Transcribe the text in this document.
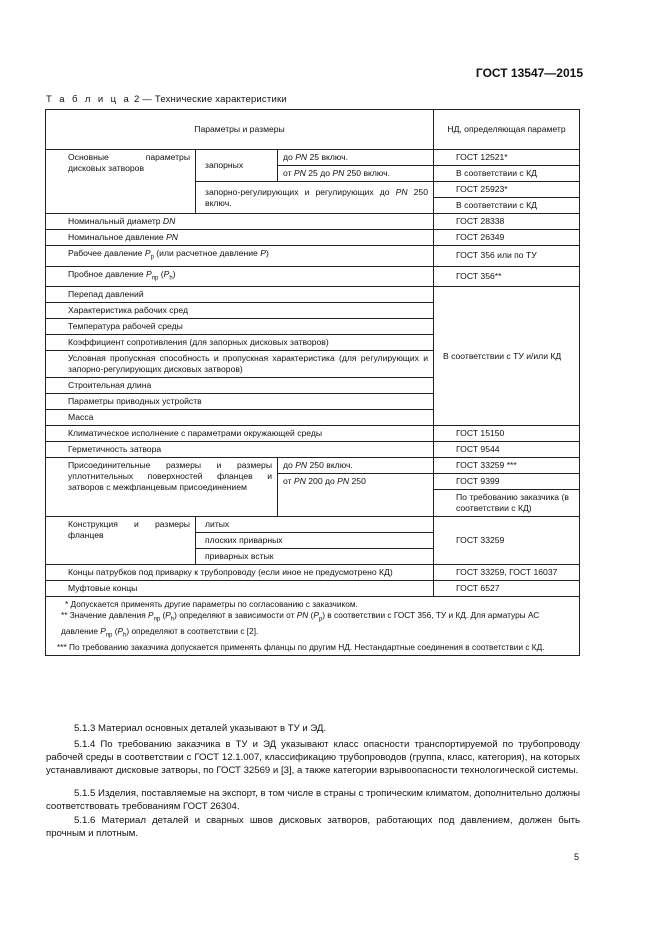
ГОСТ 13547—2015
Т а б л и ц а 2 — Технические характеристики
Параметры и размеры			НД, определяющая параметр
Основные параметры дисковых затворов	запорных	до PN 25 включ.	ГОСТ 12521*
		от PN 25 до PN 250 включ.	В соответствии с КД
	запорно-регулирующих и регулирующих до PN 250 включ.		ГОСТ 25923*
			В соответствии с КД
Номинальный диаметр DN			ГОСТ 28338
Номинальное давление PN			ГОСТ 26349
Рабочее давление $P_р$ (или расчетное давление P)			ГОСТ 356 или по ТУ
Пробное давление $P_{пр}$ $(P_h)$			ГОСТ 356**
Перепад давлений			В соответствии с ТУ и/или КД
Характеристика рабочих сред			
Температура рабочей среды			
Коэффициент сопротивления (для запорных дисковых затворов)			
Условная пропускная способность и пропускная характеристика (для регулирующих и запорно-регулирующих дисковых затворов)			
Строительная длина			
Параметры приводных устройств			
Масса			
Климатическое исполнение с параметрами окружающей среды			ГОСТ 15150
Герметичность затвора			ГОСТ 9544
Присоединительные размеры и размеры уплотнительных поверхностей фланцев и затворов с межфланцевым присоединением		до PN 250 включ.	ГОСТ 33259 ***
		от PN 200 до PN 250	ГОСТ 9399
			По требованию заказчика (в соответствии с КД)
Конструкция и размеры фланцев	литых		ГОСТ 33259
	плоских приварных		
	приварных встык		
Концы патрубков под приварку к трубопроводу (если иное не предусмотрено КД)			ГОСТ 33259, ГОСТ 16037
Муфтовые концы			ГОСТ 6527

* Допускается применять другие параметры по согласованию с заказчиком.
** Значение давления $P_{пр}$ $(P_h)$ определяют в зависимости от PN $(P_р)$ в соответствии с ГОСТ 356, ТУ и КД. Для арматуры АС давление $P_{пр}$ $(P_h)$ определяют в соответствии с [2].
*** По требованию заказчика допускается применять фланцы по другим НД. Нестандартные соединения в соответствии с КД.			
5.1.3 Материал основных деталей указывают в ТУ и ЭД.
5.1.4 По требованию заказчика в ТУ и ЭД указывают класс опасности транспортируемой по трубопроводу рабочей среды в соответствии с ГОСТ 12.1.007, классификацию трубопроводов (группа, класс, категория), на которых устанавливают дисковые затворы, по ГОСТ 32569 и [3], а также категории взрывоопасности технологической системы.
5.1.5 Изделия, поставляемые на экспорт, в том числе в страны с тропическим климатом, дополнительно должны соответствовать требованиям ГОСТ 26304.
5.1.6 Материал деталей и сварных швов дисковых затворов, работающих под давлением, должен быть прочным и плотным.
5
